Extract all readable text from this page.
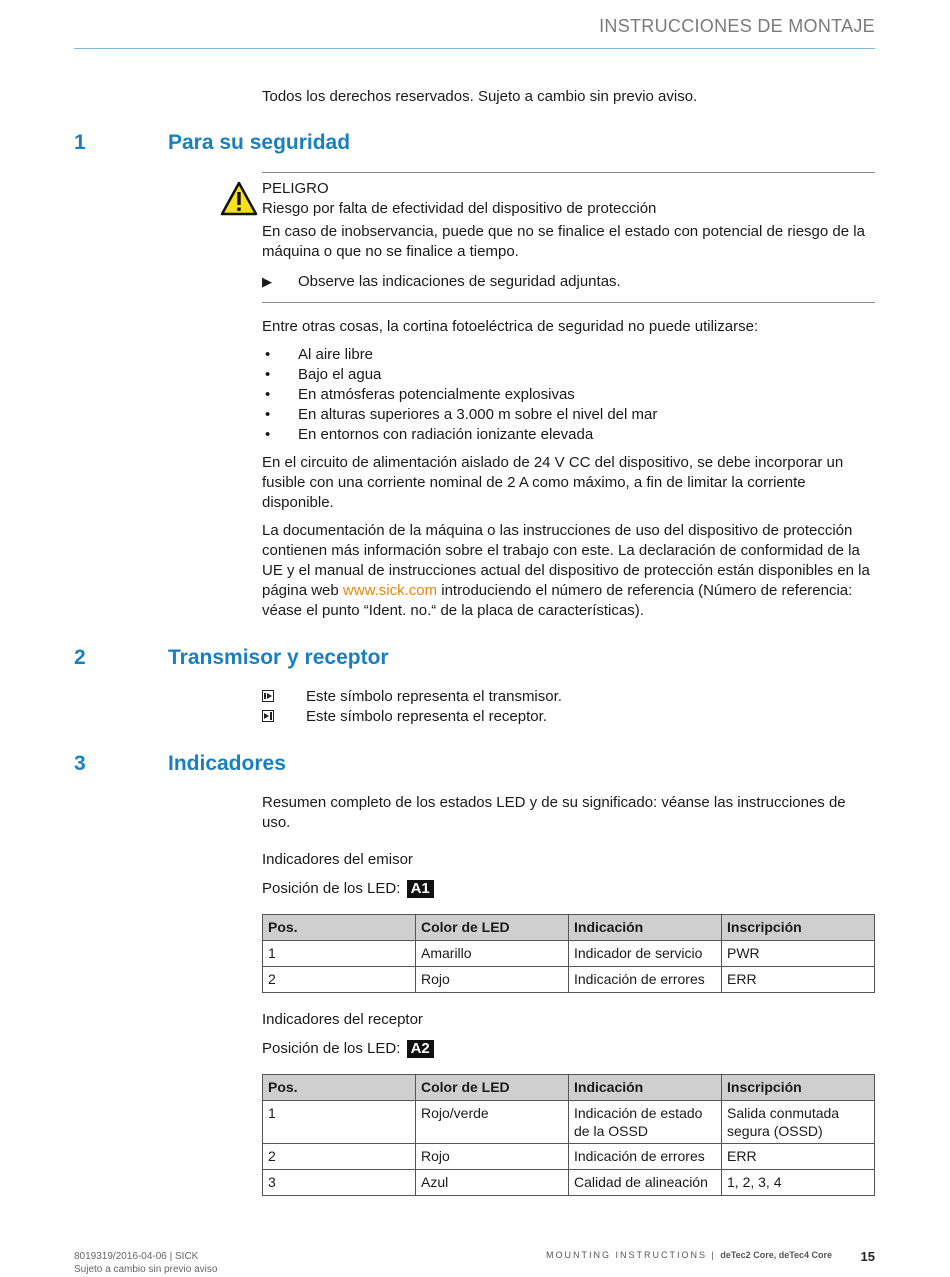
INSTRUCCIONES DE MONTAJE

Todos los derechos reservados. Sujeto a cambio sin previo aviso.

1	Para su seguridad

PELIGRO

Riesgo por falta de efectividad del dispositivo de protección

En caso de inobservancia, puede que no se finalice el estado con potencial de riesgo de la máquina o que no se finalice a tiempo.

▶ Observe las indicaciones de seguridad adjuntas.

Entre otras cosas, la cortina fotoeléctrica de seguridad no puede utilizarse:

• Al aire libre
• Bajo el agua
• En atmósferas potencialmente explosivas
• En alturas superiores a 3.000 m sobre el nivel del mar
• En entornos con radiación ionizante elevada

En el circuito de alimentación aislado de 24 V CC del dispositivo, se debe incorporar un fusible con una corriente nominal de 2 A como máximo, a fin de limitar la corriente disponible.

La documentación de la máquina o las instrucciones de uso del dispositivo de protección contienen más información sobre el trabajo con este. La declaración de conformidad de la UE y el manual de instrucciones actual del dispositivo de protección están disponibles en la página web www.sick.com introduciendo el número de referencia (Número de referencia: véase el punto “Ident. no.“ de la placa de características).

2	Transmisor y receptor
Este símbolo representa el transmisor.
Este símbolo representa el receptor.
3	Indicadores

Resumen completo de los estados LED y de su significado: véanse las instrucciones de uso.

Indicadores del emisor

Posición de los LED: A1

Pos.	Color de LED	Indicación	Inscripción
1	Amarillo	Indicador de servicio	PWR
2	Rojo	Indicación de errores	ERR

Indicadores del receptor

Posición de los LED: A2

Pos.	Color de LED	Indicación	Inscripción
1	Rojo/verde	Indicación de estado de la OSSD	Salida conmutada segura (OSSD)
2	Rojo	Indicación de errores	ERR
3	Azul	Calidad de alineación	1, 2, 3, 4
8019319/2016-04-06 | SICK
Sujeto a cambio sin previo aviso
MOUNTING INSTRUCTIONS | deTec2 Core, deTec4 Core 15
